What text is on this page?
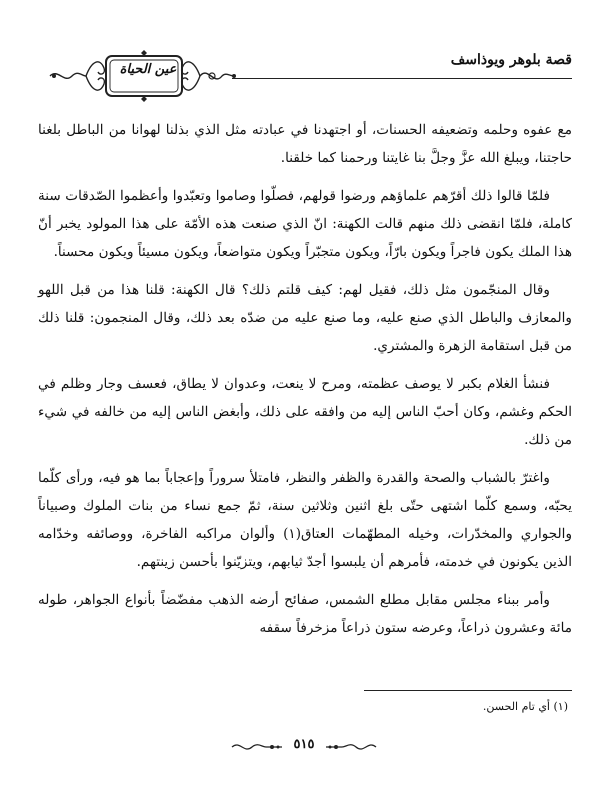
عين الحياة
قصة بلوهر ويوذاسف

مع عفوه وحلمه وتضعيفه الحسنات، أو اجتهدنا في عبادته مثل الذي بذلنا لهوانا من الباطل بلغنا حاجتنا، ويبلغ الله عزَّ وجلَّ بنا غايتنا ورحمنا كما خلقنا.

فلمّا قالوا ذلك أقرّهم علماؤهم ورضوا قولهم، فصلّوا وصاموا وتعبّدوا وأعظموا الصّدقات سنة كاملة، فلمّا انقضى ذلك منهم قالت الكهنة: انّ الذي صنعت هذه الأمّة على هذا المولود يخبر أنّ هذا الملك يكون فاجراً ويكون بارّاً، ويكون متجبّراً ويكون متواضعاً، ويكون مسيئاً ويكون محسناً.

وقال المنجّمون مثل ذلك، فقيل لهم: كيف قلتم ذلك؟ قال الكهنة: قلنا هذا من قبل اللهو والمعازف والباطل الذي صنع عليه، وما صنع عليه من ضدّه بعد ذلك، وقال المنجمون: قلنا ذلك من قبل استقامة الزهرة والمشتري.

فنشأ الغلام بكبر لا يوصف عظمته، ومرح لا ينعت، وعدوان لا يطاق، فعسف وجار وظلم في الحكم وغشم، وكان أحبّ الناس إليه من وافقه على ذلك، وأبغض الناس إليه من خالفه في شيء من ذلك.

واغترّ بالشباب والصحة والقدرة والظفر والنظر، فامتلأ سروراً وإعجاباً بما هو فيه، ورأى كلّما يحبّه، وسمع كلّما اشتهى حتّى بلغ اثنين وثلاثين سنة، ثمّ جمع نساء من بنات الملوك وصبياناً والجواري والمخدّرات، وخيله المطهّمات العتاق(١) وألوان مراكبه الفاخرة، ووصائفه وخدّامه الذين يكونون في خدمته، فأمرهم أن يلبسوا أجدّ ثيابهم، ويتزيّنوا بأحسن زينتهم.

وأمر ببناء مجلس مقابل مطلع الشمس، صفائح أرضه الذهب مفضّضاً بأنواع الجواهر، طوله مائة وعشرون ذراعاً، وعرضه ستون ذراعاً مزخرفاً سقفه

(١) أي تام الحسن.
٥١٥
